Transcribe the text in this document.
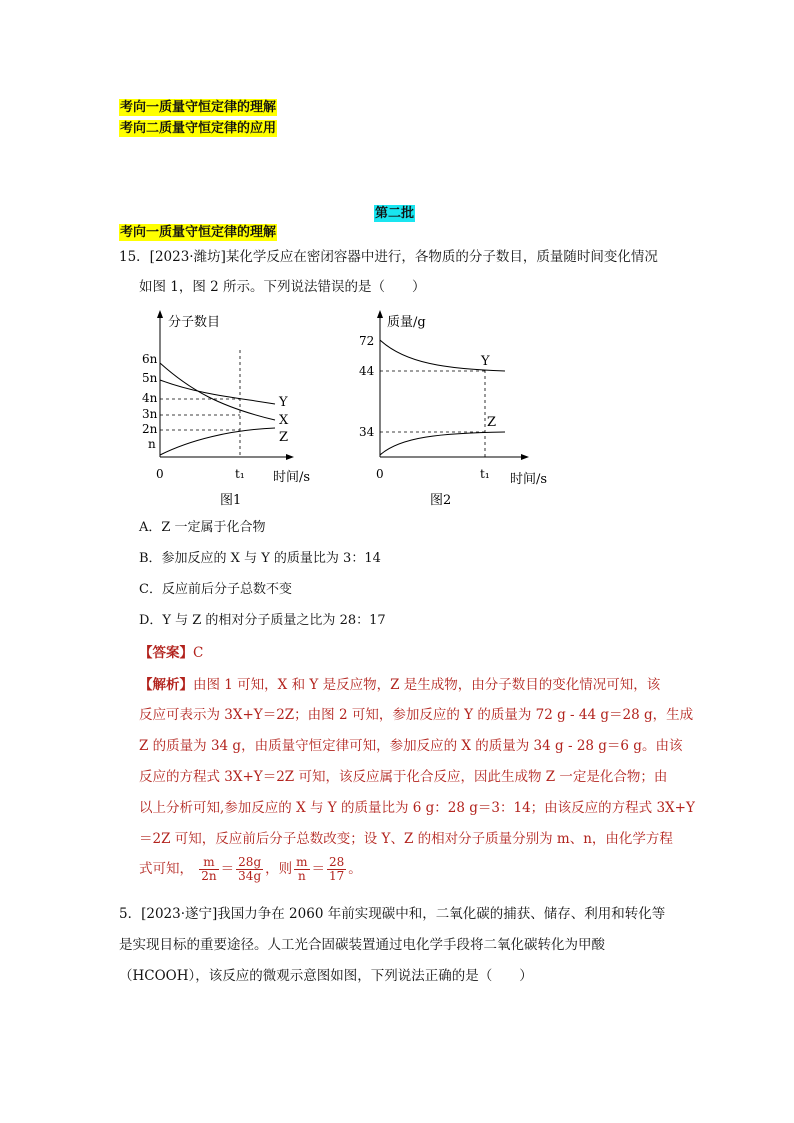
考向一质量守恒定律的理解
考向二质量守恒定律的应用
第二批
考向一质量守恒定律的理解
15．[2023·潍坊]某化学反应在密闭容器中进行，各物质的分子数目，质量随时间变化情况
如图 1，图 2 所示。下列说法错误的是（　　）
分子数目
6n
5n
4n
3n
2n
n
Y
X
Z
0	t₁ 时间/s
图1
质量/g
72
44
34
Y
Z
0	t₁ 时间/s
图2
A．Z 一定属于化合物
B．参加反应的 X 与 Y 的质量比为 3：14
C．反应前后分子总数不变
D．Y 与 Z 的相对分子质量之比为 28：17
【答案】C
【解析】由图 1 可知，X 和 Y 是反应物，Z 是生成物，由分子数目的变化情况可知，该
反应可表示为 3X+Y＝2Z；由图 2 可知，参加反应的 Y 的质量为 72 g - 44 g＝28 g，生成
Z 的质量为 34 g，由质量守恒定律可知，参加反应的 X 的质量为 34 g - 28 g＝6 g。由该
反应的方程式 3X+Y＝2Z 可知，该反应属于化合反应，因此生成物 Z 一定是化合物；由
以上分析可知,参加反应的 X 与 Y 的质量比为 6 g：28 g＝3：14；由该反应的方程式 3X+Y
＝2Z 可知，反应前后分子总数改变；设 Y、Z 的相对分子质量分别为 m、n，由化学方程
式可知， $\frac{m}{2n} = \frac{28g}{34g}$ ，则 $\frac{m}{n} = \frac{28}{17}$ 。
5．[2023·遂宁]我国力争在 2060 年前实现碳中和，二氧化碳的捕获、储存、利用和转化等
是实现目标的重要途径。人工光合固碳装置通过电化学手段将二氧化碳转化为甲酸
（HCOOH），该反应的微观示意图如图，下列说法正确的是（　　）
